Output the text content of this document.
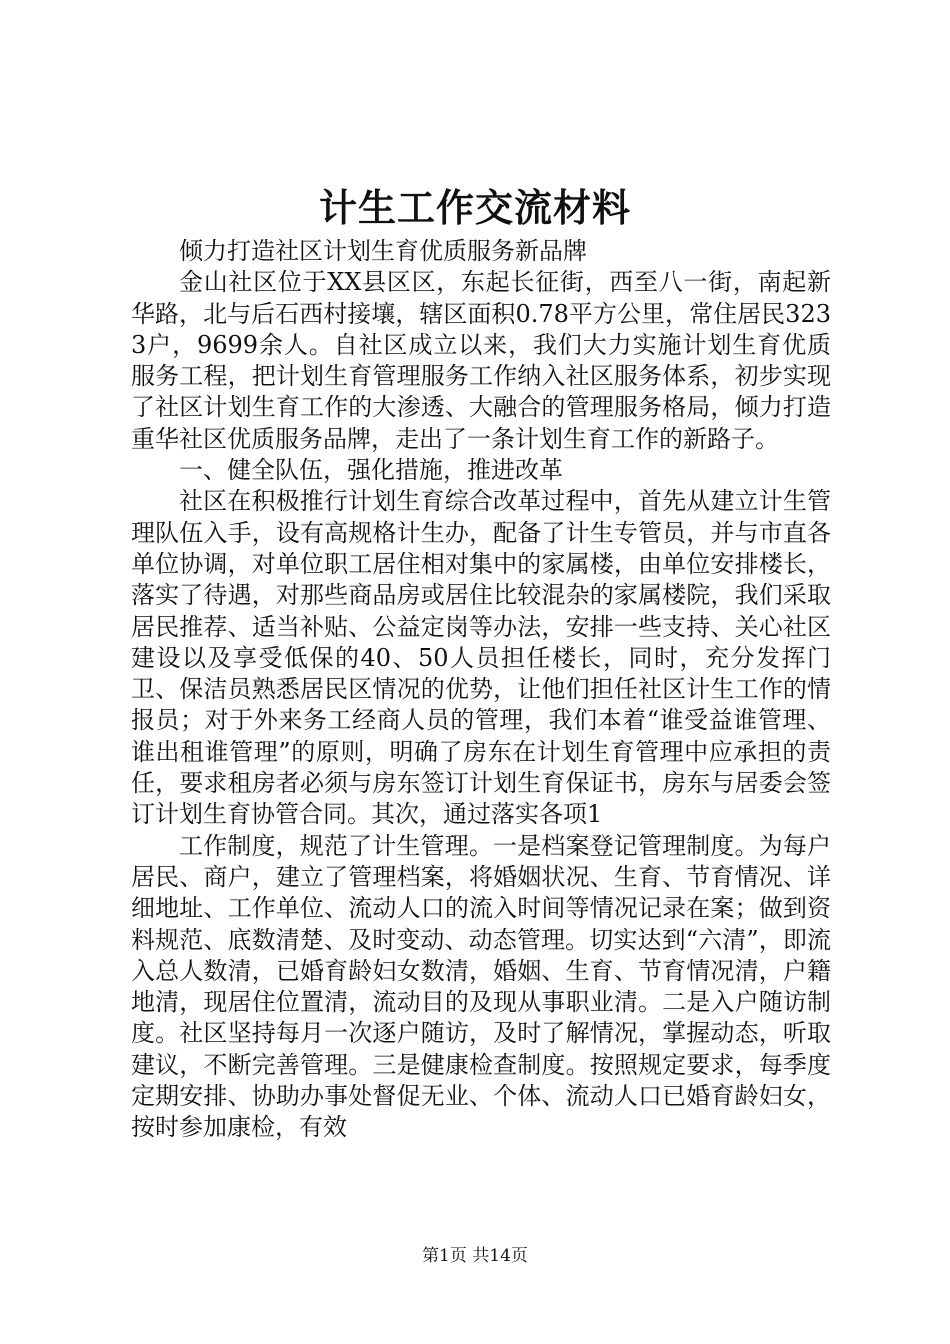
计生工作交流材料

倾力打造社区计划生育优质服务新品牌

金山社区位于XX县区区，东起长征街，西至八一街，南起新华路，北与后石西村接壤，辖区面积0.78平方公里，常住居民3233户，9699余人。自社区成立以来，我们大力实施计划生育优质服务工程，把计划生育管理服务工作纳入社区服务体系，初步实现了社区计划生育工作的大渗透、大融合的管理服务格局，倾力打造重华社区优质服务品牌，走出了一条计划生育工作的新路子。

一、健全队伍，强化措施，推进改革

社区在积极推行计划生育综合改革过程中，首先从建立计生管理队伍入手，设有高规格计生办，配备了计生专管员，并与市直各单位协调，对单位职工居住相对集中的家属楼，由单位安排楼长，落实了待遇，对那些商品房或居住比较混杂的家属楼院，我们采取居民推荐、适当补贴、公益定岗等办法，安排一些支持、关心社区建设以及享受低保的40、50人员担任楼长，同时，充分发挥门卫、保洁员熟悉居民区情况的优势，让他们担任社区计生工作的情报员；对于外来务工经商人员的管理，我们本着“谁受益谁管理、谁出租谁管理”的原则，明确了房东在计划生育管理中应承担的责任，要求租房者必须与房东签订计划生育保证书，房东与居委会签订计划生育协管合同。其次，通过落实各项1

工作制度，规范了计生管理。一是档案登记管理制度。为每户居民、商户，建立了管理档案，将婚姻状况、生育、节育情况、详细地址、工作单位、流动人口的流入时间等情况记录在案；做到资料规范、底数清楚、及时变动、动态管理。切实达到“六清”，即流入总人数清，已婚育龄妇女数清，婚姻、生育、节育情况清，户籍地清，现居住位置清，流动目的及现从事职业清。二是入户随访制度。社区坚持每月一次逐户随访，及时了解情况，掌握动态，听取建议，不断完善管理。三是健康检查制度。按照规定要求，每季度定期安排、协助办事处督促无业、个体、流动人口已婚育龄妇女，按时参加康检，有效

第1页 共14页
